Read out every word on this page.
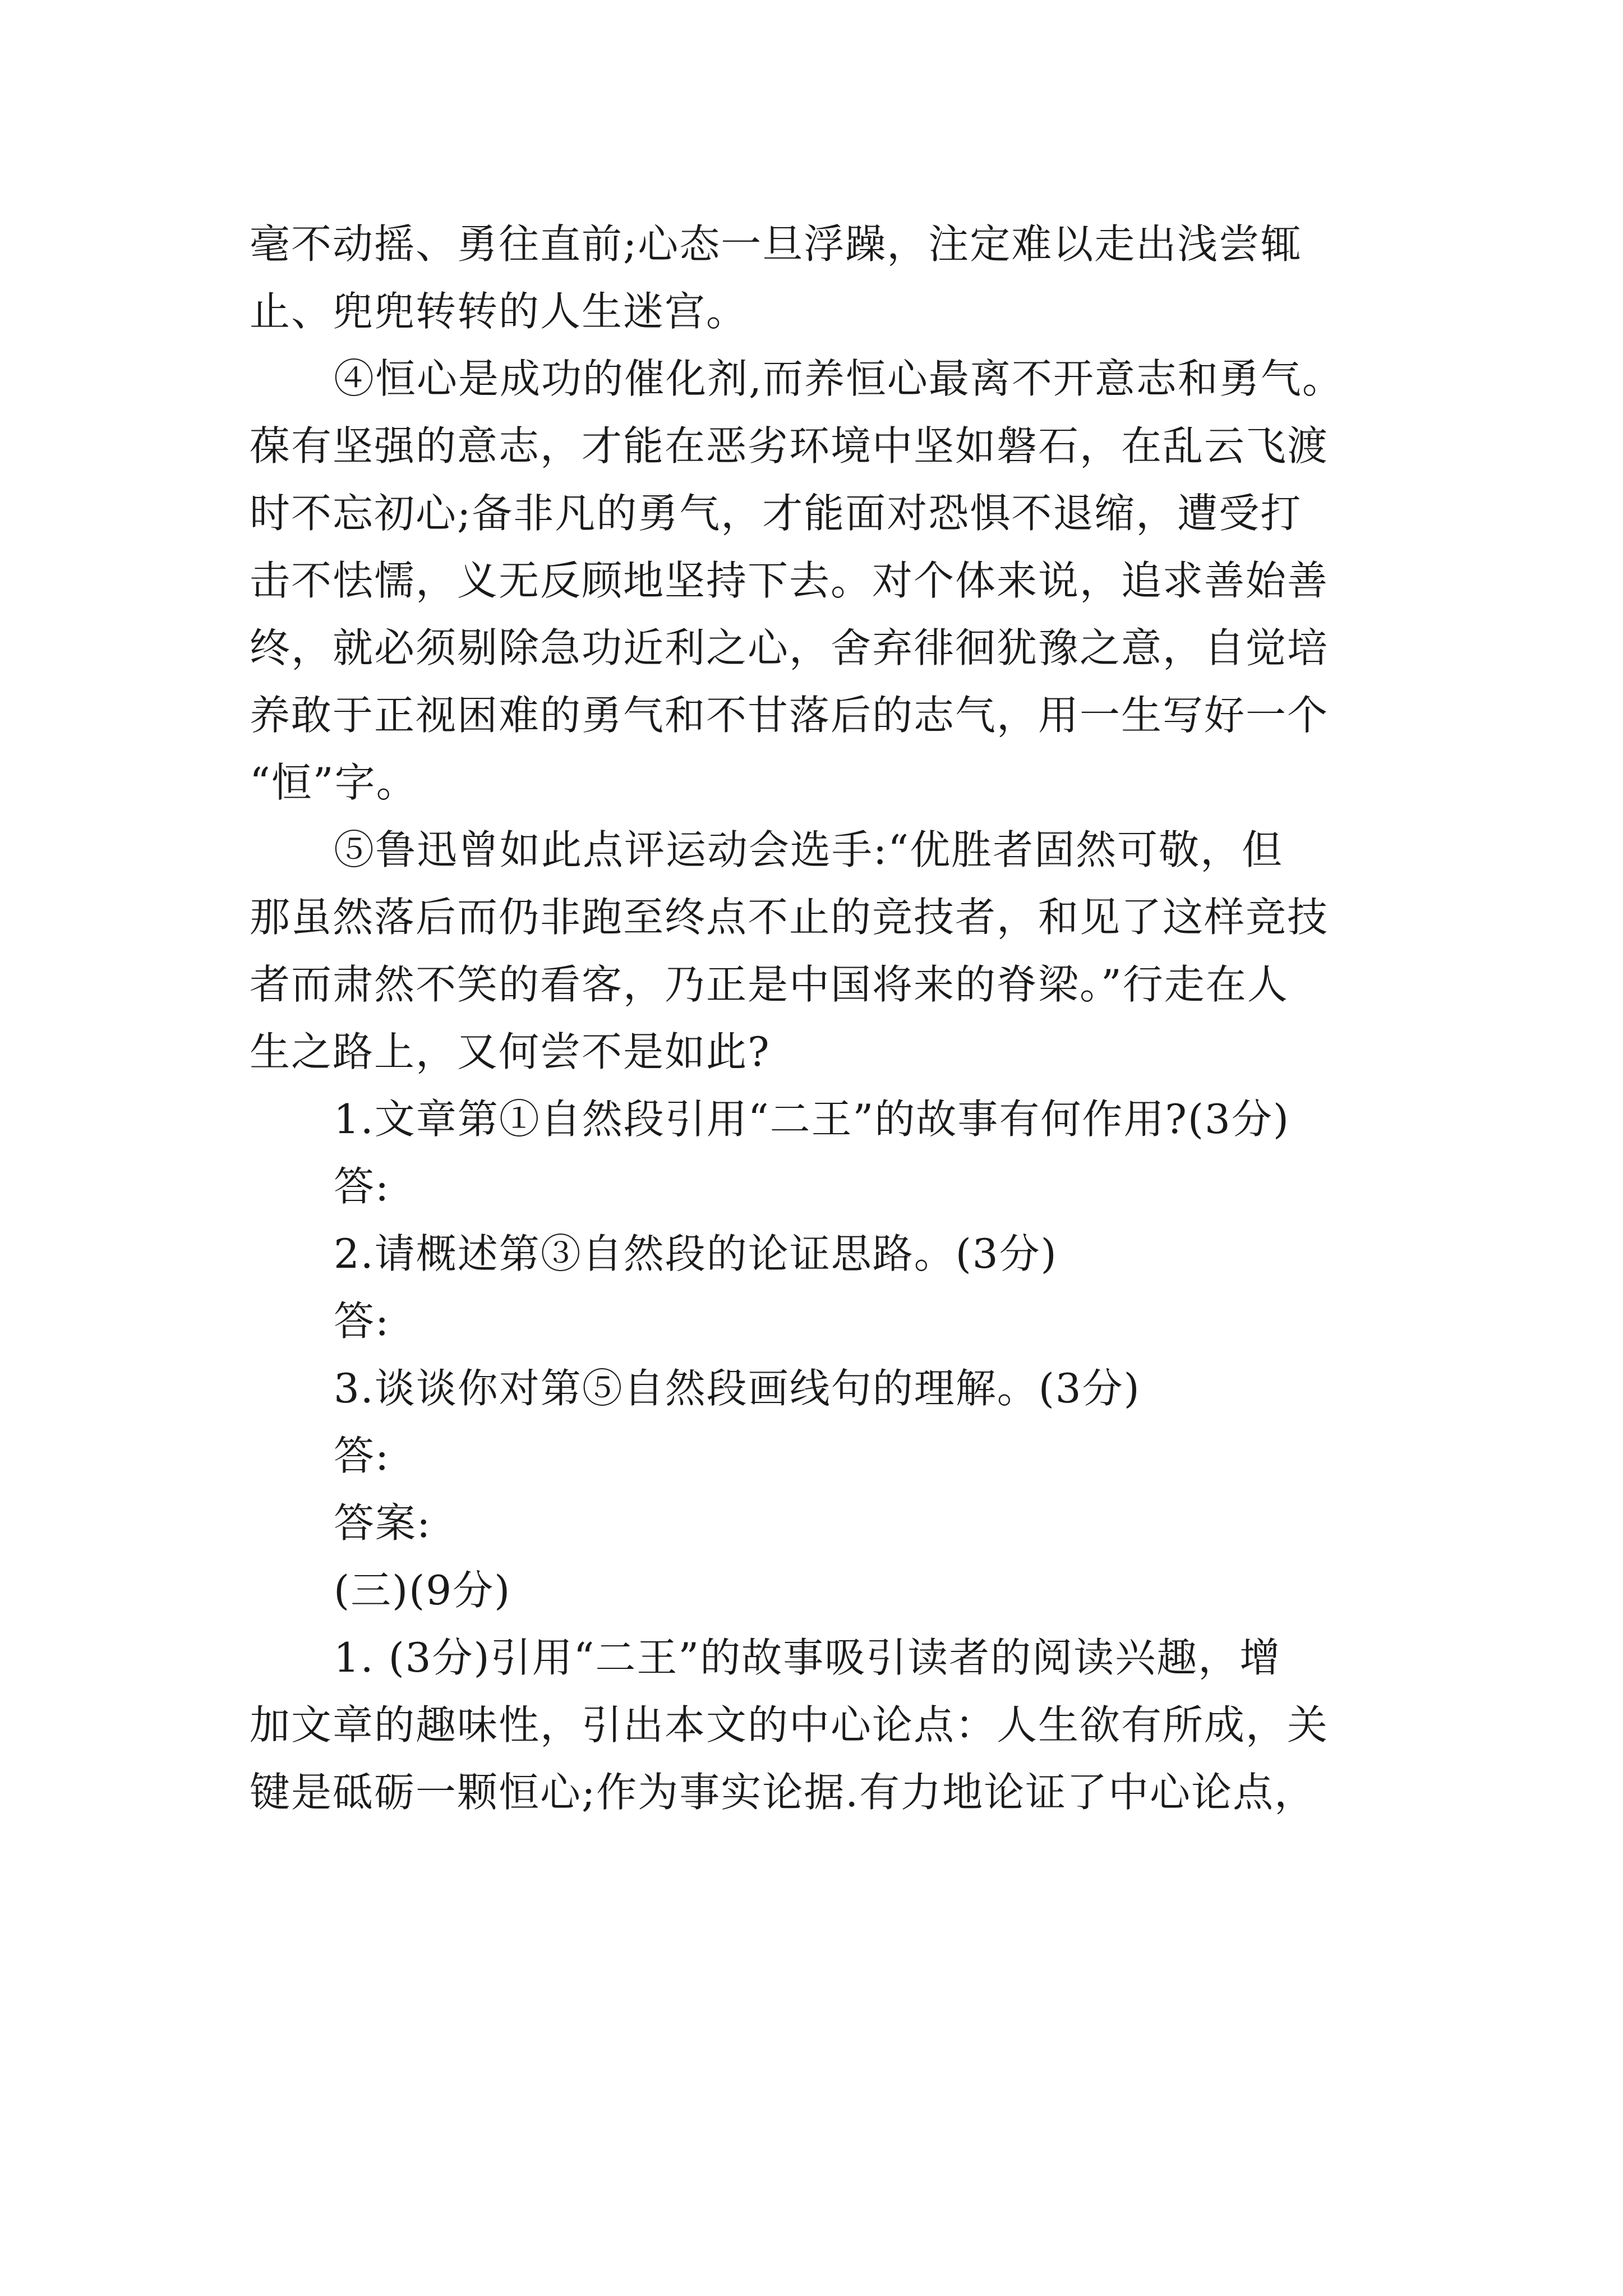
毫不动摇、勇往直前;心态一旦浮躁，注定难以走出浅尝辄
止、兜兜转转的人生迷宫。
④恒心是成功的催化剂,而养恒心最离不开意志和勇气。
葆有坚强的意志，才能在恶劣环境中坚如磐石，在乱云飞渡
时不忘初心;备非凡的勇气，才能面对恐惧不退缩，遭受打
击不怯懦，义无反顾地坚持下去。对个体来说，追求善始善
终，就必须剔除急功近利之心，舍弃徘徊犹豫之意，自觉培
养敢于正视困难的勇气和不甘落后的志气，用一生写好一个
“恒”字。
⑤鲁迅曾如此点评运动会选手:“优胜者固然可敬，但
那虽然落后而仍非跑至终点不止的竞技者，和见了这样竞技
者而肃然不笑的看客，乃正是中国将来的脊梁。”行走在人
生之路上，又何尝不是如此?
1.文章第①自然段引用“二王”的故事有何作用?(3分)
答:
2.请概述第③自然段的论证思路。(3分)
答:
3.谈谈你对第⑤自然段画线句的理解。(3分)
答:
答案:
(三)(9分)
1. (3分)引用“二王”的故事吸引读者的阅读兴趣，增
加文章的趣味性，引出本文的中心论点：人生欲有所成，关
键是砥砺一颗恒心;作为事实论据.有力地论证了中心论点，
